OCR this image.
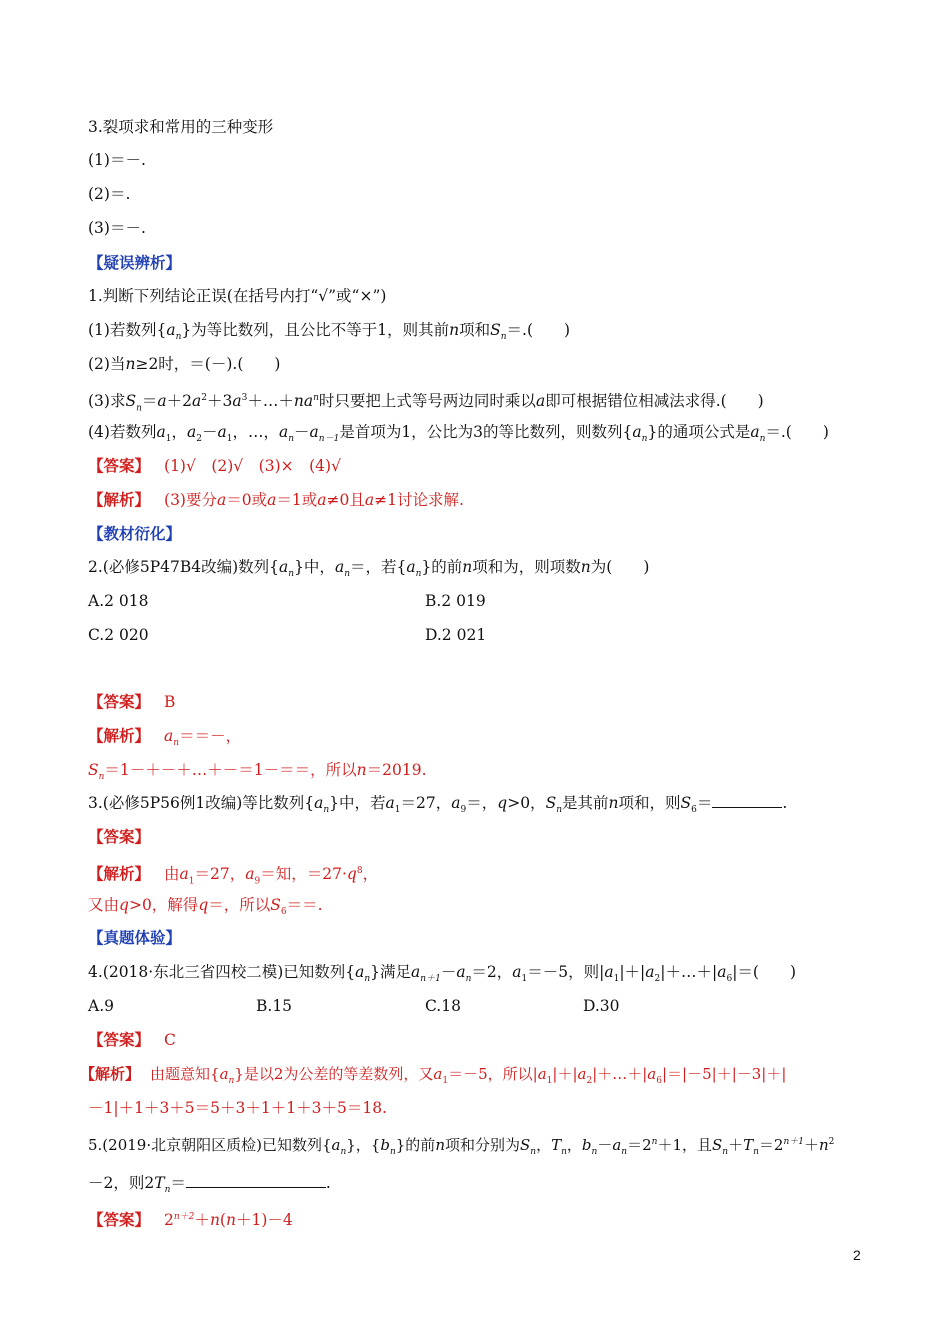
3.裂项求和常用的三种变形
(1)＝－.
(2)＝.
(3)＝－.
【疑误辨析】
1.判断下列结论正误(在括号内打“√”或“×”)
(1)若数列$\{a_n\}$为等比数列，且公比不等于1，则其前n项和$S_n=$.(　　)
(2)当n≥2时，＝(－).(　　)
(3)求$S_n=a+2a^2+3a^3+\dots+na^n$时只要把上式等号两边同时乘以a即可根据错位相减法求得.(　　)
(4)若数列$a_1$，$a_2-a_1$，…，$a_n-a_{n-1}$是首项为1，公比为3的等比数列，则数列$\{a_n\}$的通项公式是$a_n=$.(　　)
【答案】 (1)√　(2)√　(3)×　(4)√
【解析】 (3)要分a＝0或a＝1或a≠0且a≠1讨论求解.
【教材衍化】
2.(必修5P47B4改编)数列$\{a_n\}$中，$a_n=$，若$\{a_n\}$的前n项和为，则项数n为(　　)
A.2 018	B.2 019
C.2 020	D.2 021
【答案】 B
【解析】 $a_n==-$，
$S_n=1-+-+\dots+-=1-==$，所以n＝2019.
3.(必修5P56例1改编)等比数列$\{a_n\}$中，若$a_1=27$，$a_9=$，q>0，$S_n$是其前n项和，则$S_6=$	.
【答案】
【解析】 由$a_1=27$，$a_9=$知，$=27\cdot q^8$，
又由q>0，解得q＝，所以$S_6==$.
【真题体验】
4.(2018·东北三省四校二模)已知数列$\{a_n\}$满足$a_{n+1}-a_n=2$，$a_1=-5$，则$|a_1|+|a_2|+\dots+|a_6|=$(　　)
A.9	B.15	C.18	D.30
【答案】 C
【解析】 由题意知$\{a_n\}$是以2为公差的等差数列，又$a_1=-5$，所以$|a_1|+|a_2|+\dots+|a_6|=|-5|+|-3|+|$
－1|＋1＋3＋5＝5＋3＋1＋1＋3＋5＝18.
5.(2019·北京朝阳区质检)已知数列$\{a_n\}$，$\{b_n\}$的前n项和分别为$S_n$，$T_n$，$b_n-a_n=2^n+1$，且$S_n+T_n=2^{n+1}+n^2$
－2，则$2T_n=$	.
【答案】 $2^{n+2}+n(n+1)-4$
2
